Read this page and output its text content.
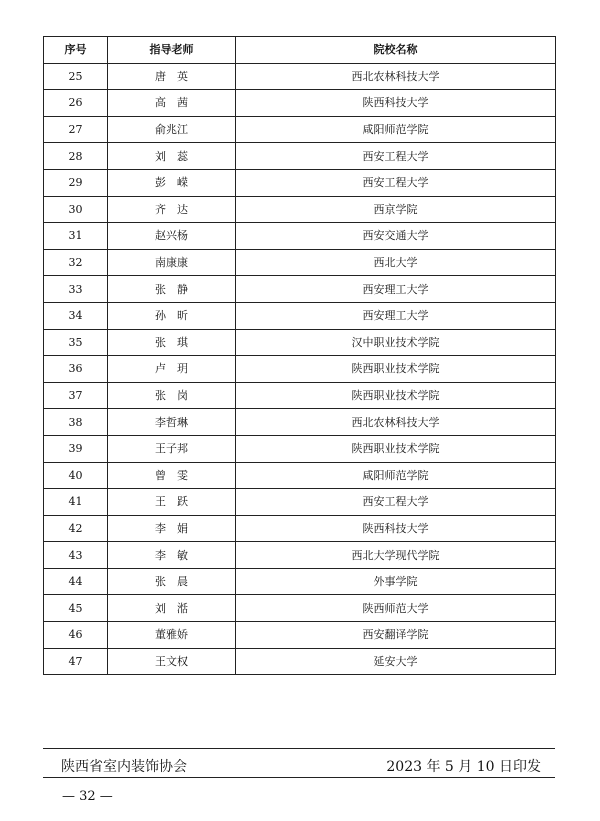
序号	指导老师	院校名称
25	唐　英	西北农林科技大学
26	高　茜	陕西科技大学
27	俞兆江	咸阳师范学院
28	刘　蕊	西安工程大学
29	彭　嵘	西安工程大学
30	齐　达	西京学院
31	赵兴杨	西安交通大学
32	南康康	西北大学
33	张　静	西安理工大学
34	孙　昕	西安理工大学
35	张　琪	汉中职业技术学院
36	卢　玥	陕西职业技术学院
37	张　岗	陕西职业技术学院
38	李哲琳	西北农林科技大学
39	王子邦	陕西职业技术学院
40	曾　雯	咸阳师范学院
41	王　跃	西安工程大学
42	李　娟	陕西科技大学
43	李　敏	西北大学现代学院
44	张　晨	外事学院
45	刘　湉	陕西师范大学
46	董雅娇	西安翻译学院
47	王文权	延安大学
陕西省室内装饰协会	2023 年 5 月 10 日印发
— 32 —
